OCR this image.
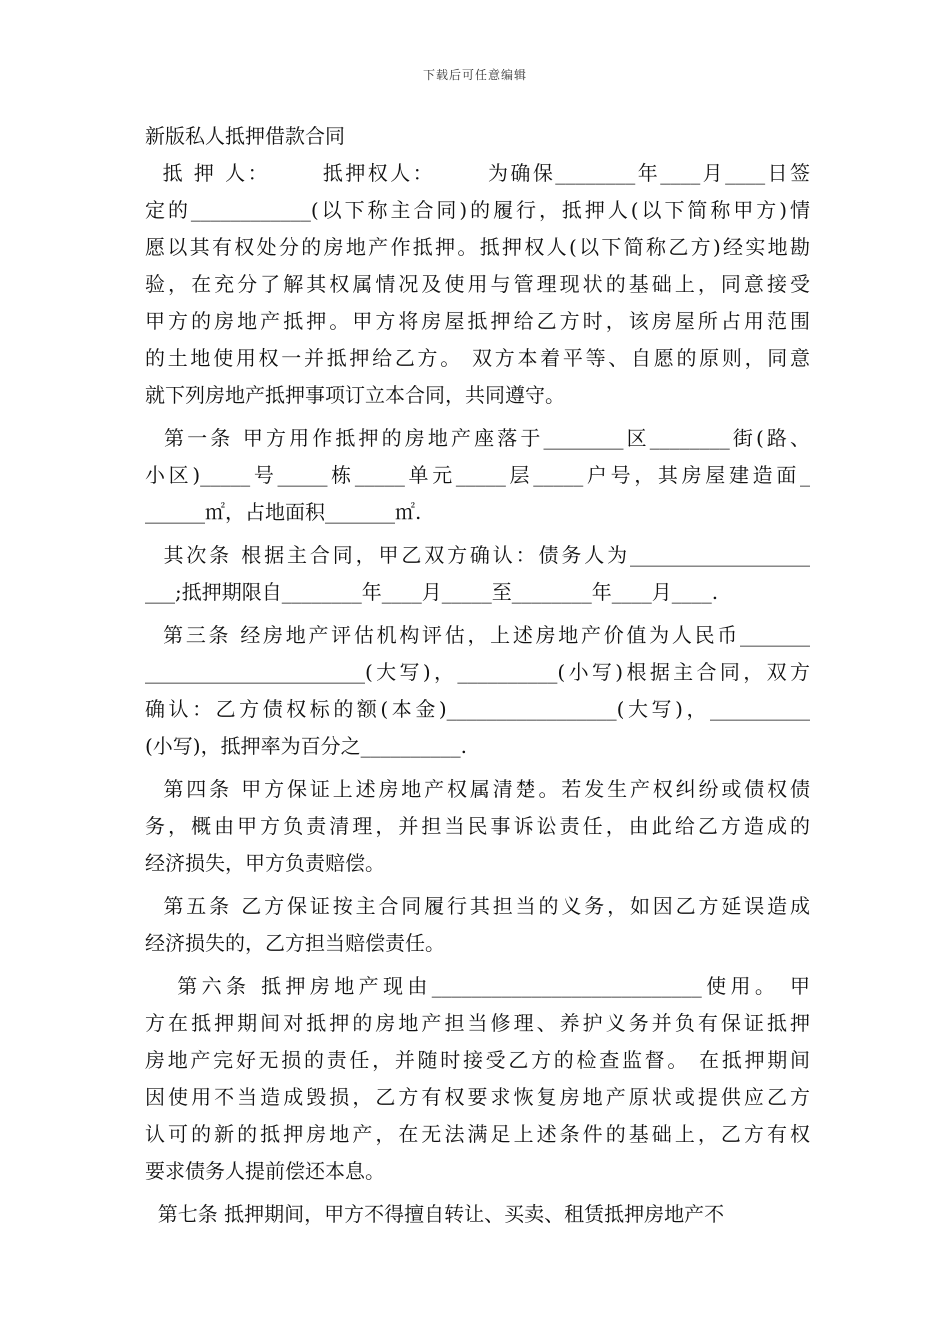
下载后可任意编辑
新版私人抵押借款合同
抵 押 人：      抵押权人：      为确保________年____月____日签
定的____________(以下称主合同)的履行，抵押人(以下简称甲方)情
愿以其有权处分的房地产作抵押。抵押权人(以下简称乙方)经实地勘
验，在充分了解其权属情况及使用与管理现状的基础上，同意接受
甲方的房地产抵押。甲方将房屋抵押给乙方时，该房屋所占用范围
的土地使用权一并抵押给乙方。 双方本着平等、自愿的原则，同意
就下列房地产抵押事项订立本合同，共同遵守。
第一条 甲方用作抵押的房地产座落于________区________街(路、
小区)_____号_____栋_____单元_____层_____户号，其房屋建造面_
______㎡，占地面积_______㎡.
其次条 根据主合同，甲乙双方确认：债务人为__________________
___;抵押期限自________年____月_____至________年____月____.
第三条 经房地产评估机构评估，上述房地产价值为人民币_______
______________________(大写)，__________(小写)根据主合同，双方
确认：乙方债权标的额(本金)_________________(大写)，__________
(小写)，抵押率为百分之__________.
第四条 甲方保证上述房地产权属清楚。若发生产权纠纷或债权债
务，概由甲方负责清理，并担当民事诉讼责任，由此给乙方造成的
经济损失，甲方负责赔偿。
第五条 乙方保证按主合同履行其担当的义务，如因乙方延误造成
经济损失的，乙方担当赔偿责任。
第六条 抵押房地产现由___________________________使用。 甲
方在抵押期间对抵押的房地产担当修理、养护义务并负有保证抵押
房地产完好无损的责任，并随时接受乙方的检查监督。 在抵押期间
因使用不当造成毁损，乙方有权要求恢复房地产原状或提供应乙方
认可的新的抵押房地产，在无法满足上述条件的基础上，乙方有权
要求债务人提前偿还本息。
第七条 抵押期间，甲方不得擅自转让、买卖、租赁抵押房地产不
